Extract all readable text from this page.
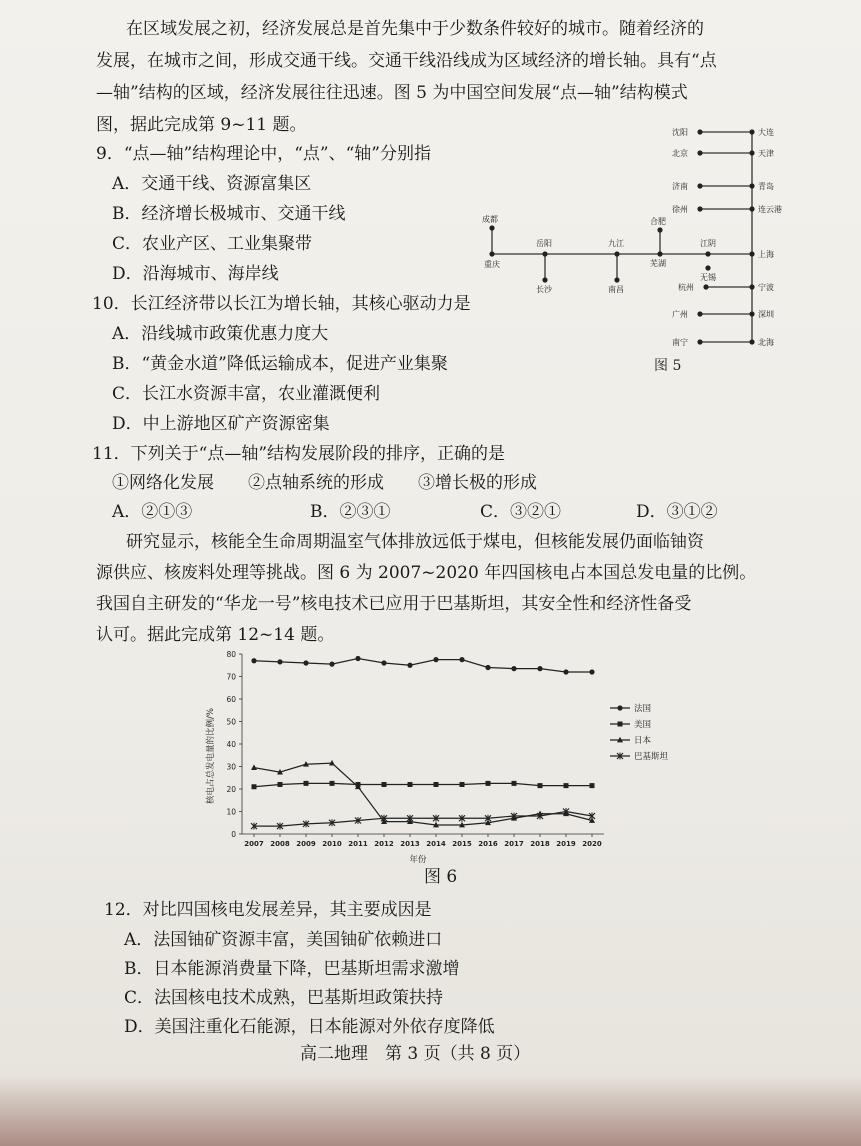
在区域发展之初，经济发展总是首先集中于少数条件较好的城市。随着经济的
发展，在城市之间，形成交通干线。交通干线沿线成为区域经济的增长轴。具有“点
—轴”结构的区域，经济发展往往迅速。图 5 为中国空间发展“点—轴”结构模式
图，据此完成第 9~11 题。
9．“点—轴”结构理论中，“点”、“轴”分别指
A．交通干线、资源富集区
B．经济增长极城市、交通干线
C．农业产区、工业集聚带
D．沿海城市、海岸线
10．长江经济带以长江为增长轴，其核心驱动力是
A．沿线城市政策优惠力度大
B．“黄金水道”降低运输成本，促进产业集聚
C．长江水资源丰富，农业灌溉便利
D．中上游地区矿产资源密集
11．下列关于“点—轴”结构发展阶段的排序，正确的是
①网络化发展　　②点轴系统的形成　　③增长极的形成
A．②①③	B．②③①	C．③②①	D．③①②
研究显示，核能全生命周期温室气体排放远低于煤电，但核能发展仍面临铀资
源供应、核废料处理等挑战。图 6 为 2007~2020 年四国核电占本国总发电量的比例。
我国自主研发的“华龙一号”核电技术已应用于巴基斯坦，其安全性和经济性备受
认可。据此完成第 12~14 题。
沈阳	大连
北京	天津
济南	青岛
徐州	连云港
成都
重庆
岳阳
长沙
九江
南昌
合肥
芜湖
江阴
上海
无锡
杭州	宁波
广州	深圳
南宁	北海
图 5
核电占总发电量的比例/%
年份
0
10
20
30
40
50
60
70
80
2007 2008 2009 2010 2011 2012 2013 2014 2015 2016 2017 2018 2019 2020
法国
美国
日本
巴基斯坦
图 6
12．对比四国核电发展差异，其主要成因是
A．法国铀矿资源丰富，美国铀矿依赖进口
B．日本能源消费量下降，巴基斯坦需求激增
C．法国核电技术成熟，巴基斯坦政策扶持
D．美国注重化石能源，日本能源对外依存度降低
高二地理　第 3 页（共 8 页）
